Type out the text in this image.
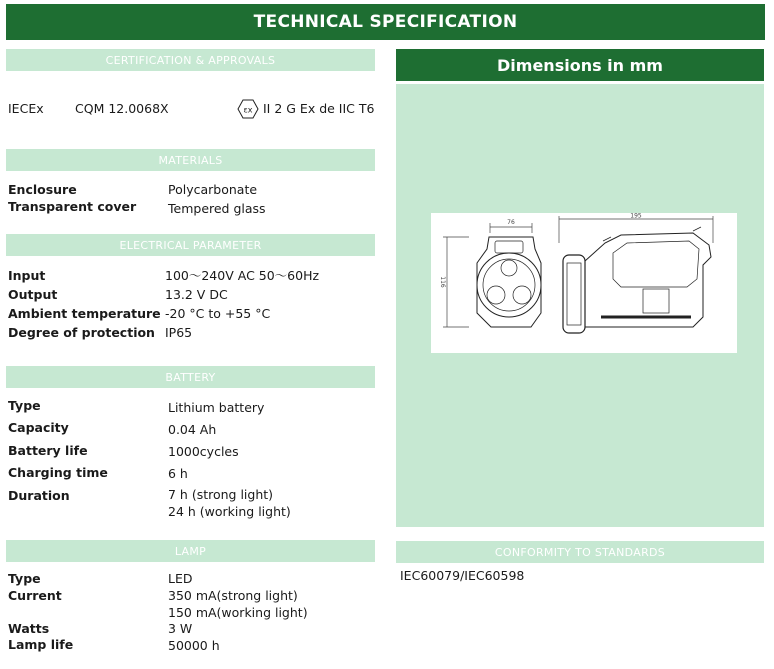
TECHNICAL SPECIFICATION
CERTIFICATION & APPROVALS
IECEx	CQM 12.0068X	εx II 2 G Ex de IIC T6
MATERIALS
Enclosure	Polycarbonate
Transparent cover	Tempered glass
ELECTRICAL PARAMETER
Input	100～240V AC 50～60Hz
Output	13.2 V DC
Ambient temperature -20 °C to +55 °C
Degree of protection IP65
BATTERY
Type	Lithium battery
Capacity	0.04 Ah
Battery life	1000cycles
Charging time	6 h
Duration	7 h (strong light)
24 h (working light)
LAMP
Type	LED
Current	350 mA(strong light)
150 mA(working light)
Watts	3 W
Lamp life	50000 h
Dimensions in mm
76
195
116
CONFORMITY TO STANDARDS
IEC60079/IEC60598
